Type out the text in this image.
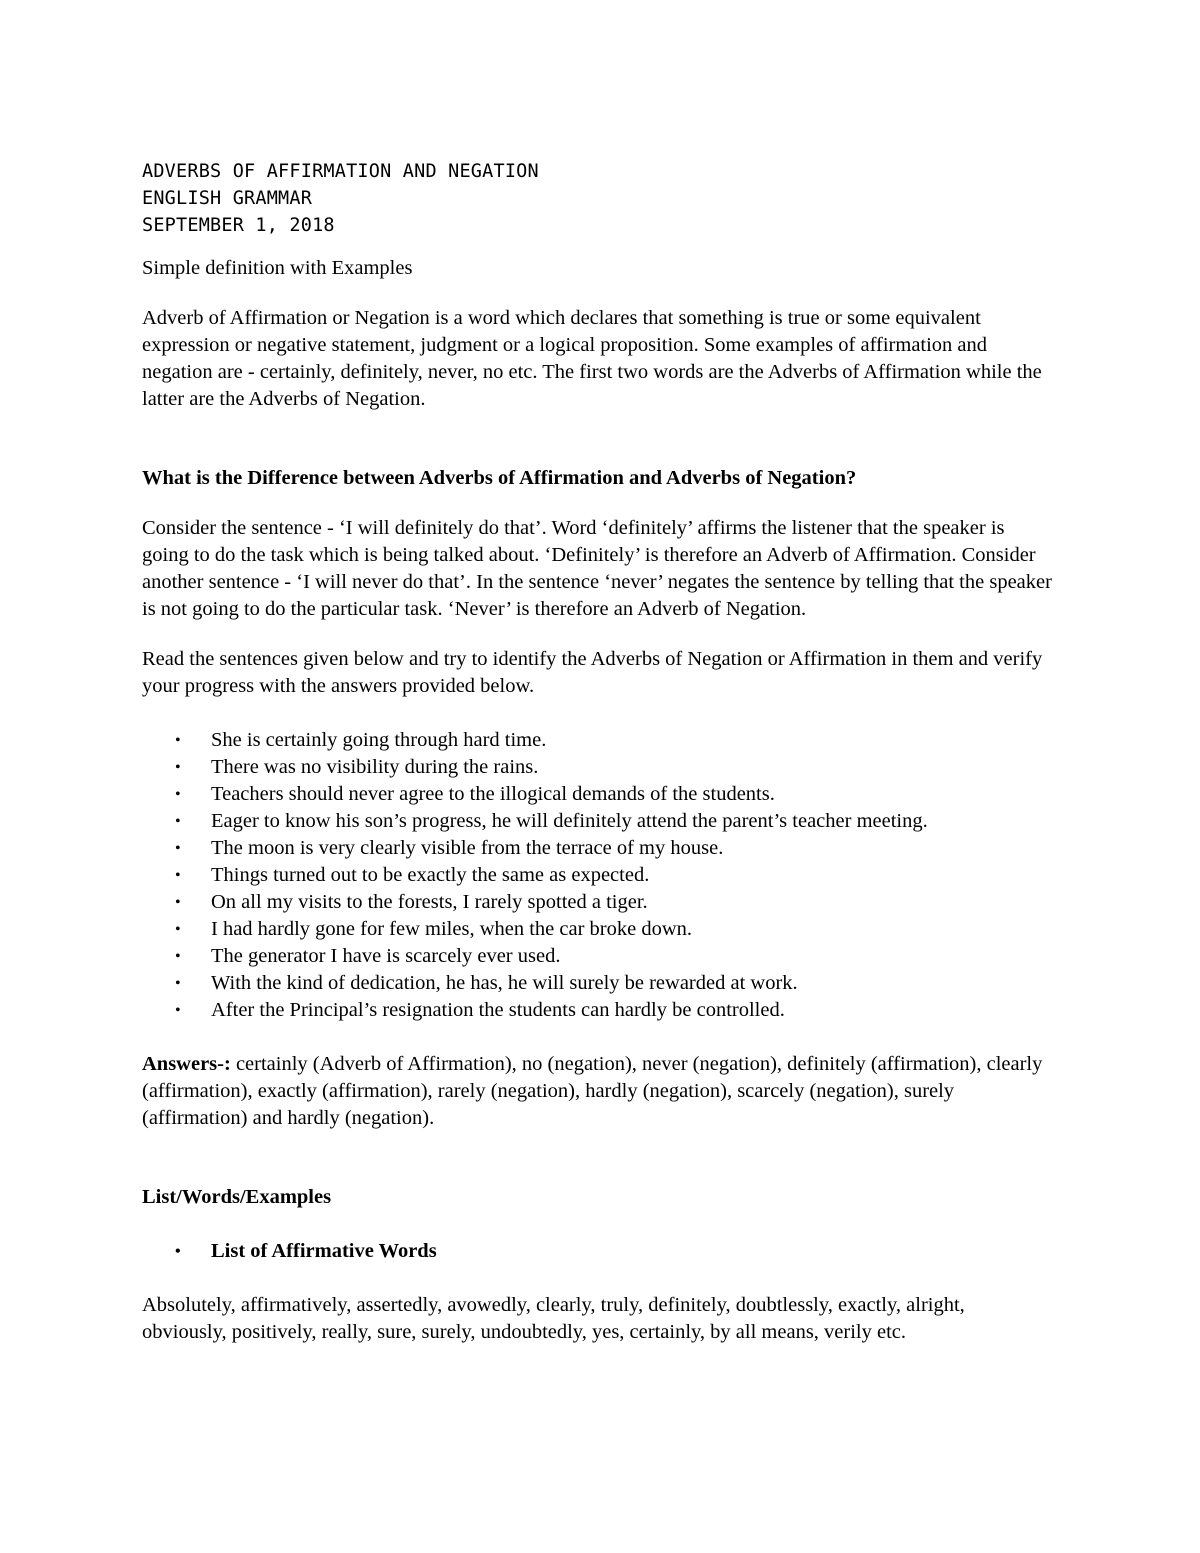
ADVERBS OF AFFIRMATION AND NEGATION
ENGLISH GRAMMAR
SEPTEMBER 1, 2018

Simple definition with Examples

Adverb of Affirmation or Negation is a word which declares that something is true or some equivalent expression or negative statement, judgment or a logical proposition. Some examples of affirmation and negation are - certainly, definitely, never, no etc. The first two words are the Adverbs of Affirmation while the latter are the Adverbs of Negation.

What is the Difference between Adverbs of Affirmation and Adverbs of Negation?

Consider the sentence - ‘I will definitely do that’. Word ‘definitely’ affirms the listener that the speaker is going to do the task which is being talked about. ‘Definitely’ is therefore an Adverb of Affirmation. Consider another sentence - ‘I will never do that’. In the sentence ‘never’ negates the sentence by telling that the speaker is not going to do the particular task. ‘Never’ is therefore an Adverb of Negation.

Read the sentences given below and try to identify the Adverbs of Negation or Affirmation in them and verify your progress with the answers provided below.

• She is certainly going through hard time.
• There was no visibility during the rains.
• Teachers should never agree to the illogical demands of the students.
• Eager to know his son’s progress, he will definitely attend the parent’s teacher meeting.
• The moon is very clearly visible from the terrace of my house.
• Things turned out to be exactly the same as expected.
• On all my visits to the forests, I rarely spotted a tiger.
• I had hardly gone for few miles, when the car broke down.
• The generator I have is scarcely ever used.
• With the kind of dedication, he has, he will surely be rewarded at work.
• After the Principal’s resignation the students can hardly be controlled.

Answers-: certainly (Adverb of Affirmation), no (negation), never (negation), definitely (affirmation), clearly (affirmation), exactly (affirmation), rarely (negation), hardly (negation), scarcely (negation), surely (affirmation) and hardly (negation).

List/Words/Examples

• List of Affirmative Words

Absolutely, affirmatively, assertedly, avowedly, clearly, truly, definitely, doubtlessly, exactly, alright, obviously, positively, really, sure, surely, undoubtedly, yes, certainly, by all means, verily etc.
